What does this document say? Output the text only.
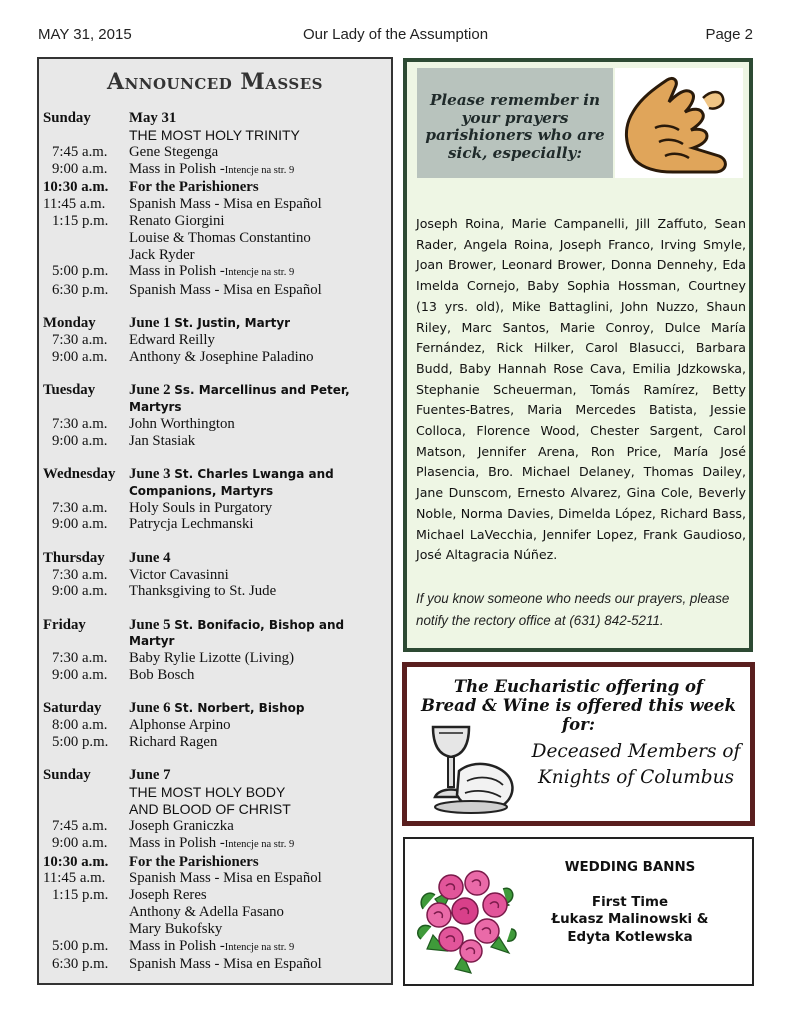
MAY 31, 2015	Our Lady of the Assumption	Page 2
Announced Masses
Sunday	May 31
THE MOST HOLY TRINITY
7:45 a.m.	Gene Stegenga
9:00 a.m.	Mass in Polish -Intencje na str. 9
10:30 a.m.	For the Parishioners
11:45 a.m.	Spanish Mass - Misa en Español
1:15 p.m.	Renato Giorgini
Louise & Thomas Constantino
Jack Ryder
5:00 p.m.	Mass in Polish -Intencje na str. 9
6:30 p.m.	Spanish Mass - Misa en Español
Monday	June 1 St. Justin, Martyr
7:30 a.m.	Edward Reilly
9:00 a.m.	Anthony & Josephine Paladino
Tuesday	June 2 Ss. Marcellinus and Peter, Martyrs
7:30 a.m.	John Worthington
9:00 a.m.	Jan Stasiak
Wednesday June 3 St. Charles Lwanga and Companions, Martyrs
7:30 a.m.	Holy Souls in Purgatory
9:00 a.m.	Patrycja Lechmanski
Thursday	June 4
7:30 a.m.	Victor Cavasinni
9:00 a.m.	Thanksgiving to St. Jude
Friday	June 5 St. Bonifacio, Bishop and Martyr
7:30 a.m.	Baby Rylie Lizotte (Living)
9:00 a.m.	Bob Bosch
Saturday	June 6 St. Norbert, Bishop
8:00 a.m.	Alphonse Arpino
5:00 p.m.	Richard Ragen
Sunday	June 7
THE MOST HOLY BODY
AND BLOOD OF CHRIST
7:45 a.m.	Joseph Graniczka
9:00 a.m.	Mass in Polish -Intencje na str. 9
10:30 a.m.	For the Parishioners
11:45 a.m.	Spanish Mass - Misa en Español
1:15 p.m.	Joseph Reres
Anthony & Adella Fasano
Mary Bukofsky
5:00 p.m.	Mass in Polish -Intencje na str. 9
6:30 p.m.	Spanish Mass - Misa en Español
Please remember in your prayers parishioners who are sick, especially:
Joseph Roina, Marie Campanelli, Jill Zaffuto, Sean Rader, Angela Roina, Joseph Franco, Irving Smyle, Joan Brower, Leonard Brower, Donna Dennehy, Eda Imelda Cornejo, Baby Sophia Hossman, Courtney (13 yrs. old), Mike Battaglini, John Nuzzo, Shaun Riley, Marc Santos, Marie Conroy, Dulce María Fernández, Rick Hilker, Carol Blasucci, Barbara Budd, Baby Hannah Rose Cava, Emilia Jdzkowska, Stephanie Scheuerman, Tomás Ramírez, Betty Fuentes-Batres, Maria Mercedes Batista, Jessie Colloca, Florence Wood, Chester Sargent, Carol Matson, Jennifer Arena, Ron Price, María José Plasencia, Bro. Michael Delaney, Thomas Dailey, Jane Dunscom, Ernesto Alvarez, Gina Cole, Beverly Noble, Norma Davies, Dimelda López, Richard Bass, Michael LaVecchia, Jennifer Lopez, Frank Gaudioso, José Altagracia Núñez.
If you know someone who needs our prayers, please notify the rectory office at (631) 842-5211.
The Eucharistic offering of
Bread & Wine is offered this week for:
Deceased Members of
Knights of Columbus
WEDDING BANNS
First Time
Łukasz Malinowski &
Edyta Kotlewska
